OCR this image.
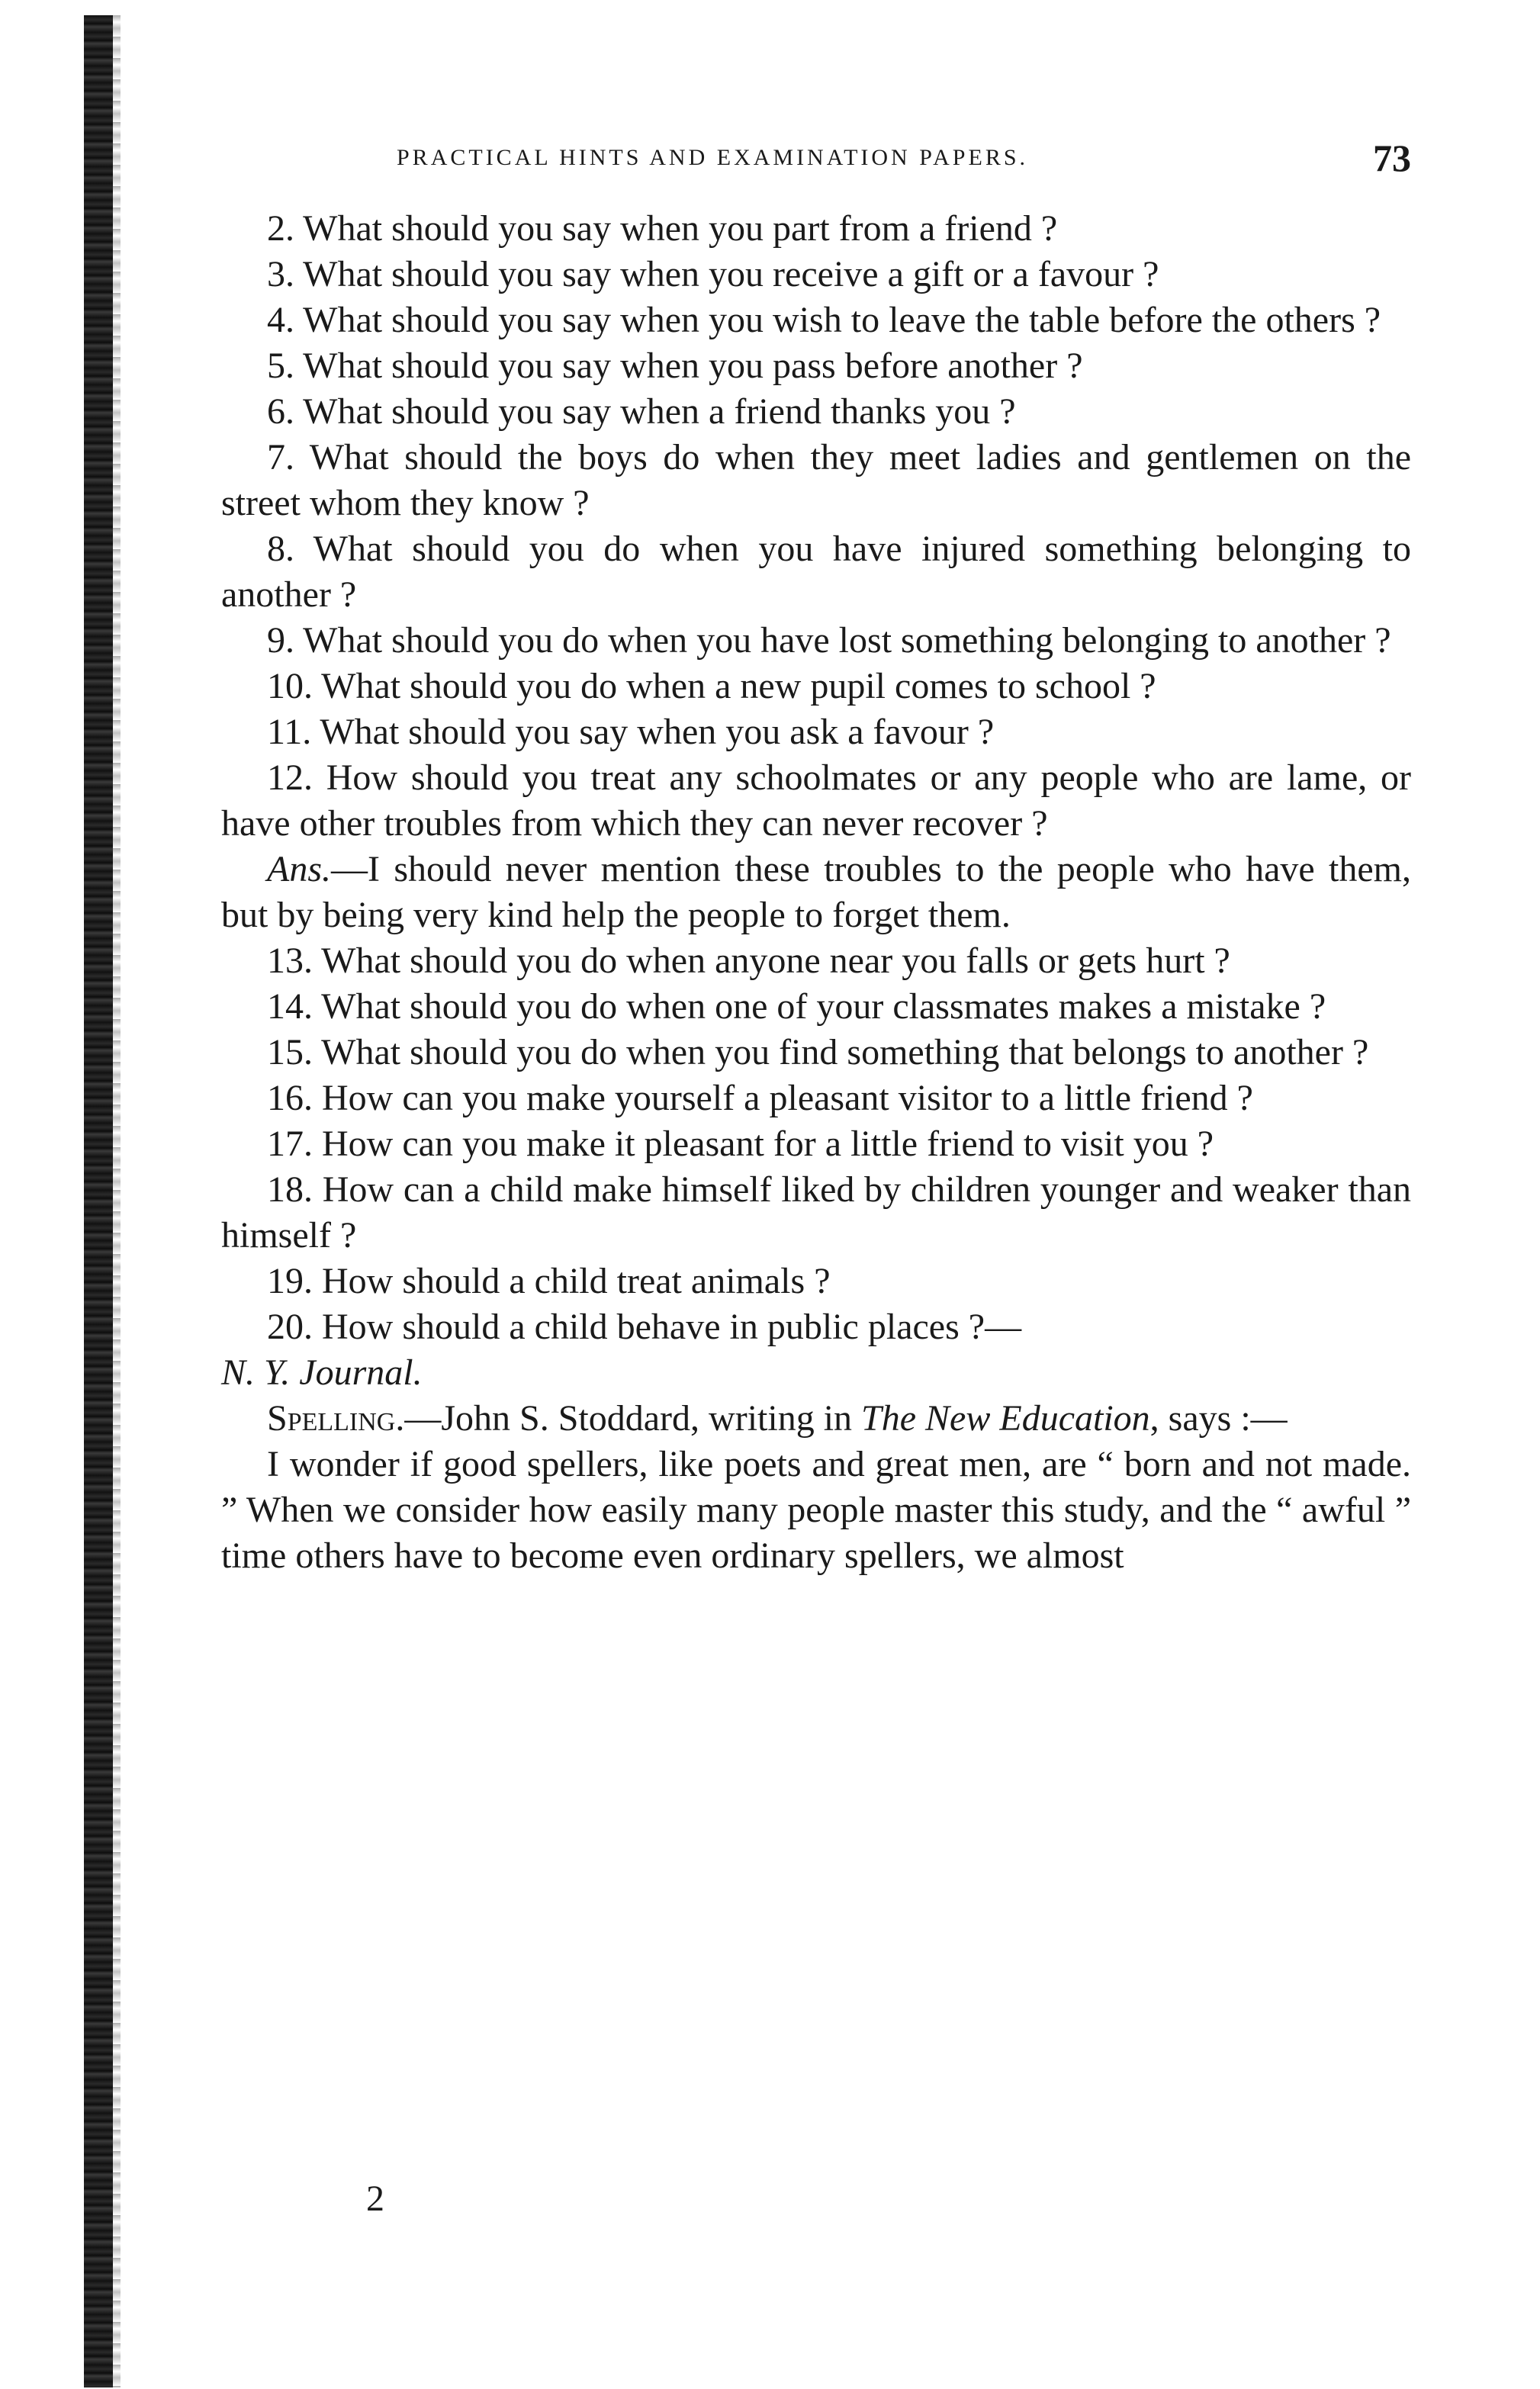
PRACTICAL HINTS AND EXAMINATION PAPERS.	73

2. What should you say when you part from a friend ?

3. What should you say when you receive a gift or a favour ?

4. What should you say when you wish to leave the table before the others ?

5. What should you say when you pass before another ?

6. What should you say when a friend thanks you ?

7. What should the boys do when they meet ladies and gentlemen on the street whom they know ?

8. What should you do when you have injured something belonging to another ?

9. What should you do when you have lost something belonging to another ?

10. What should you do when a new pupil comes to school ?

11. What should you say when you ask a favour ?

12. How should you treat any schoolmates or any people who are lame, or have other troubles from which they can never recover ?

Ans.—I should never mention these troubles to the people who have them, but by being very kind help the people to forget them.

13. What should you do when anyone near you falls or gets hurt ?

14. What should you do when one of your classmates makes a mistake ?

15. What should you do when you find something that belongs to another ?

16. How can you make yourself a pleasant visitor to a little friend ?

17. How can you make it pleasant for a little friend to visit you ?

18. How can a child make himself liked by children younger and weaker than himself ?

19. How should a child treat animals ?

20. How should a child behave in public places ?—
N. Y. Journal.

Spelling.—John S. Stoddard, writing in The New Education, says :—

I wonder if good spellers, like poets and great men, are “ born and not made. ” When we consider how easily many people master this study, and the “ awful ” time others have to become even ordinary spellers, we almost

2
